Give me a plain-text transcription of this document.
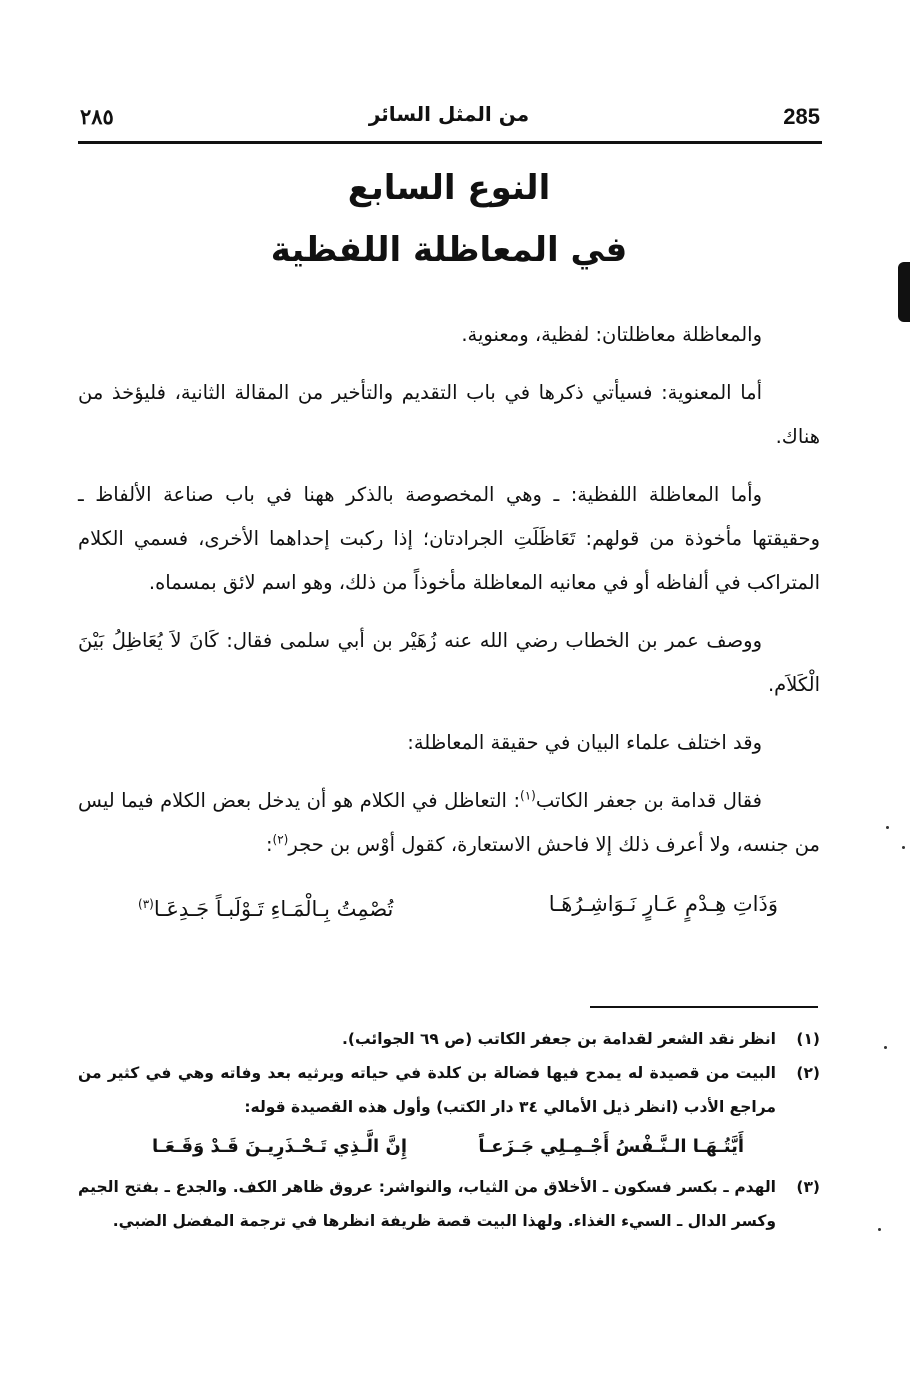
٢٨٥	من المثل السائر	285
النوع السابع
في المعاظلة اللفظية

والمعاظلة معاظلتان: لفظية، ومعنوية.

أما المعنوية: فسيأتي ذكرها في باب التقديم والتأخير من المقالة الثانية، فليؤخذ من هناك.

وأما المعاظلة اللفظية: ـ وهي المخصوصة بالذكر ههنا في باب صناعة الألفاظ ـ وحقيقتها مأخوذة من قولهم: تَعَاظَلَتِ الجرادتان؛ إذا ركبت إحداهما الأخرى، فسمي الكلام المتراكب في ألفاظه أو في معانيه المعاظلة مأخوذاً من ذلك، وهو اسم لائق بمسماه.

ووصف عمر بن الخطاب رضي الله عنه زُهَيْر بن أبي سلمى فقال: كَانَ لاَ يُعَاظِلُ بَيْنَ الْكَلاَم.

وقد اختلف علماء البيان في حقيقة المعاظلة:

فقال قدامة بن جعفر الكاتب$^{(١)}$: التعاظل في الكلام هو أن يدخل بعض الكلام فيما ليس من جنسه، ولا أعرف ذلك إلا فاحش الاستعارة، كقول أوْس بن حجر$^{(٢)}$:

وَذَاتِ هِـدْمٍ عَـارٍ نَـوَاشِـرُهَـا
تُصْمِتُ بِـالْمَـاءِ تَـوْلَبـاً جَـدِعَـا$^{(٣)}$
(١)
انظر نقد الشعر لقدامة بن جعفر الكاتب (ص ٦٩ الجوائب).
(٢)
البيت من قصيدة له يمدح فيها فضالة بن كلدة في حياته ويرثيه بعد وفاته وهي في كثير من مراجع الأدب (انظر ذيل الأمالي ٣٤ دار الكتب) وأول هذه القصيدة قوله:
أَيَّتُـهَـا الـنَّـفْسُ أَجْـمِـلِي جَـزَعـاً
إِنَّ الَّـذِي تَـحْـذَرِيـنَ قَـدْ وَقَـعَـا
(٣)
الهدم ـ بكسر فسكون ـ الأخلاق من الثياب، والنواشر: عروق ظاهر الكف. والجدع ـ بفتح الجيم وكسر الدال ـ السيء الغذاء. ولهذا البيت قصة ظريفة انظرها في ترجمة المفضل الضبي.
